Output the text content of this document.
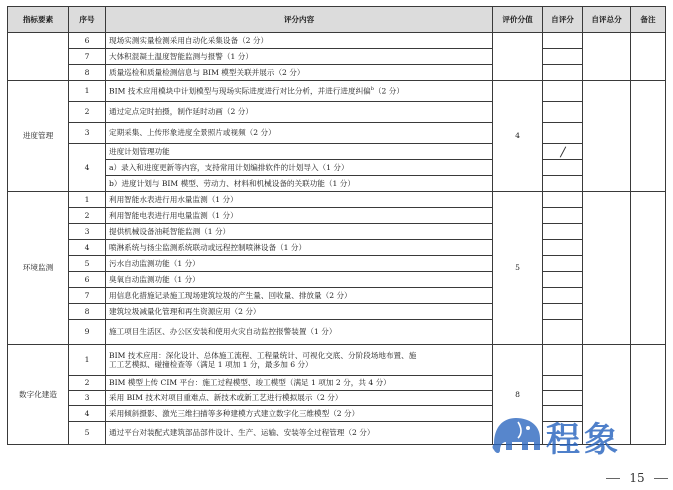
指标要素	序号	评分内容	评价分值	自评分	自评总分	备注
	6	现场实测实量检测采用自动化采集设备（2 分）				
	7	大体积混凝土温度智能监测与报警（1 分）				
	8	质量巡检和质量检测信息与 BIM 模型关联并展示（2 分）				
进度管理	1	BIM 技术应用模块中计划模型与现场实际进度进行对比分析，并进行进度纠偏$^b$（2 分）	4			
	2	通过定点定时拍摄，制作延时动画（2 分）				
	3	定期采集、上传形象进度全景照片或视频（2 分）				
	4	进度计划管理功能				

		a）录入和进度更新等内容，支持常用计划编排软件的计划导入（1 分）				
		b）进度计划与 BIM 模型、劳动力、材料和机械设备的关联功能（1 分）				
环境监测	1	利用智能水表进行用水量监测（1 分）	5			
	2	利用智能电表进行用电量监测（1 分）				
	3	提供机械设备油耗智能监测（1 分）				
	4	喷淋系统与扬尘监测系统联动或远程控制喷淋设备（1 分）				
	5	污水自动监测功能（1 分）				
	6	臭氧自动监测功能（1 分）				
	7	用信息化措施记录施工现场建筑垃圾的产生量、回收量、排放量（2 分）				
	8	建筑垃圾减量化管理和再生资源应用（2 分）				
	9	施工项目生活区、办公区安装和使用火灾自动监控报警装置（1 分）				
数字化建造	1	BIM 技术应用：深化设计、总体施工流程、工程量统计、可视化交底、分阶段场地布置、施
工工艺模拟、碰撞检查等（满足 1 项加 1 分，最多加 6 分）	8			
	2	BIM 模型上传 CIM 平台：施工过程模型、竣工模型（满足 1 项加 2 分，共 4 分）				
	3	采用 BIM 技术对项目重难点、新技术或新工艺进行模拟展示（2 分）				
	4	采用倾斜摄影、激光三维扫描等多种建模方式建立数字化三维模型（2 分）				
	5	通过平台对装配式建筑部品部件设计、生产、运输、安装等全过程管理（2 分）					程象
15
